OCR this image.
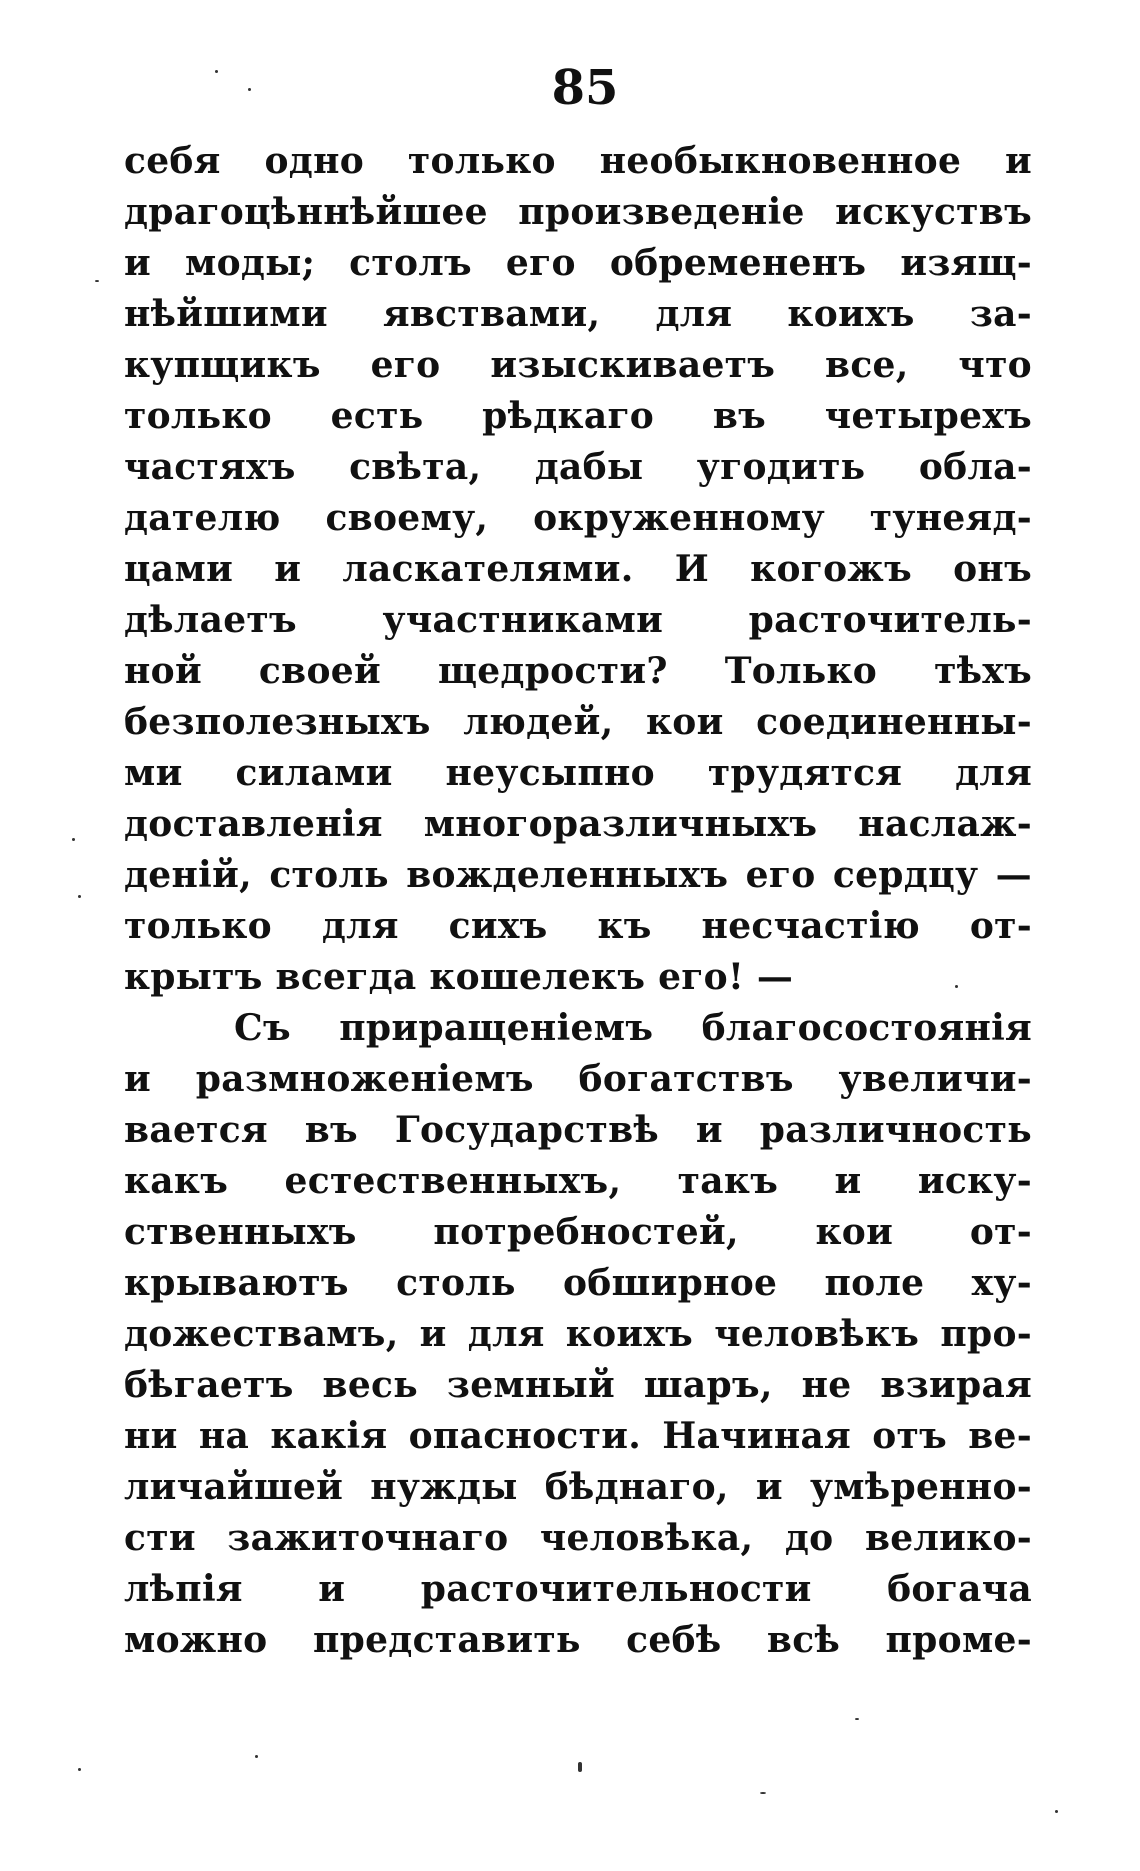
85
себя одно только необыкновенное и
драгоцѣннѣйшее произведенiе искуствъ
и моды; столъ его обремененъ изящ-
нѣйшими явствами, для коихъ за-
купщикъ его изыскиваетъ все, что
только есть рѣдкаго въ четырехъ
частяхъ свѣта, дабы угодить обла-
дателю своему, окруженному тунеяд-
цами и ласкателями. И когожъ онъ
дѣлаетъ участниками расточитель-
ной своей щедрости? Только тѣхъ
безполезныхъ людей, кои соединенны-
ми силами неусыпно трудятся для
доставленiя многоразличныхъ наслаж-
денiй, столь вожделенныхъ его сердцу —
только для сихъ къ несчастiю от-
крытъ всегда кошелекъ его! —
Съ приращенiемъ благосостоянiя
и размноженiемъ богатствъ увеличи-
вается въ Государствѣ и различность
какъ естественныхъ, такъ и иску-
ственныхъ потребностей, кои от-
крываютъ столь обширное поле ху-
дожествамъ, и для коихъ человѣкъ про-
бѣгаетъ весь земный шаръ, не взирая
ни на какiя опасности. Начиная отъ ве-
личайшей нужды бѣднаго, и умѣренно-
сти зажиточнаго человѣка, до велико-
лѣпiя и расточительности богача
можно представить себѣ всѣ проме-
